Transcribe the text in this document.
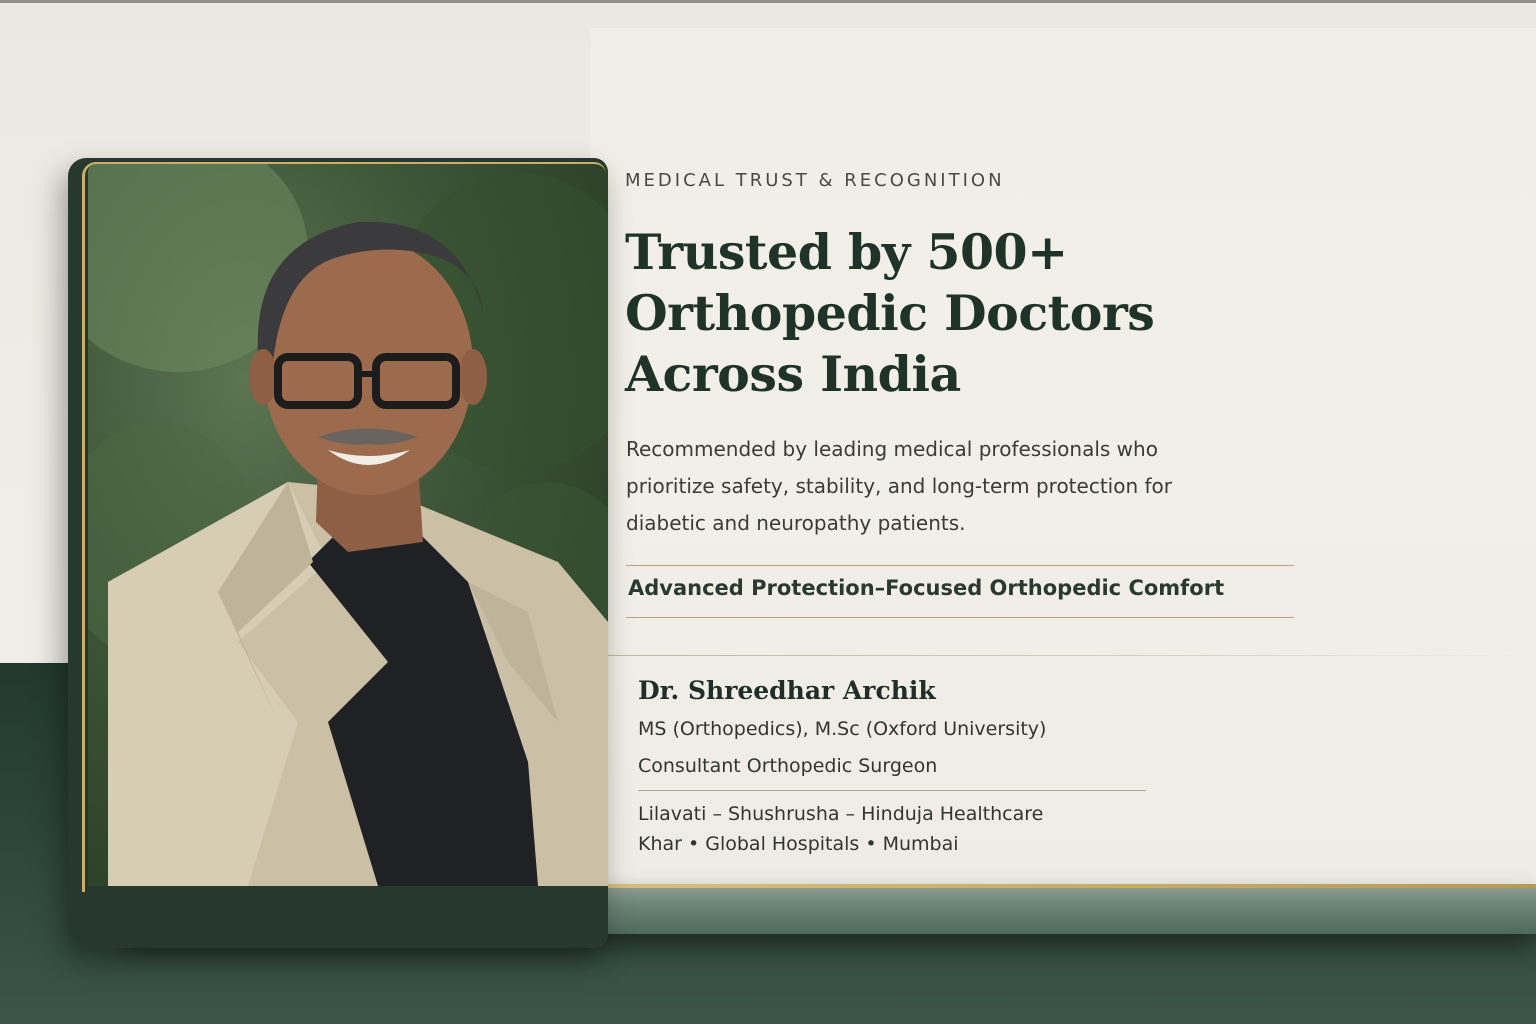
MEDICAL TRUST & RECOGNITION
Trusted by 500+
Orthopedic Doctors
Across India
Recommended by leading medical professionals who
prioritize safety, stability, and long-term protection for
diabetic and neuropathy patients.
Advanced Protection–Focused Orthopedic Comfort
Dr. Shreedhar Archik
MS (Orthopedics), M.Sc (Oxford University)
Consultant Orthopedic Surgeon
Lilavati – Shushrusha – Hinduja Healthcare
Khar • Global Hospitals • Mumbai
